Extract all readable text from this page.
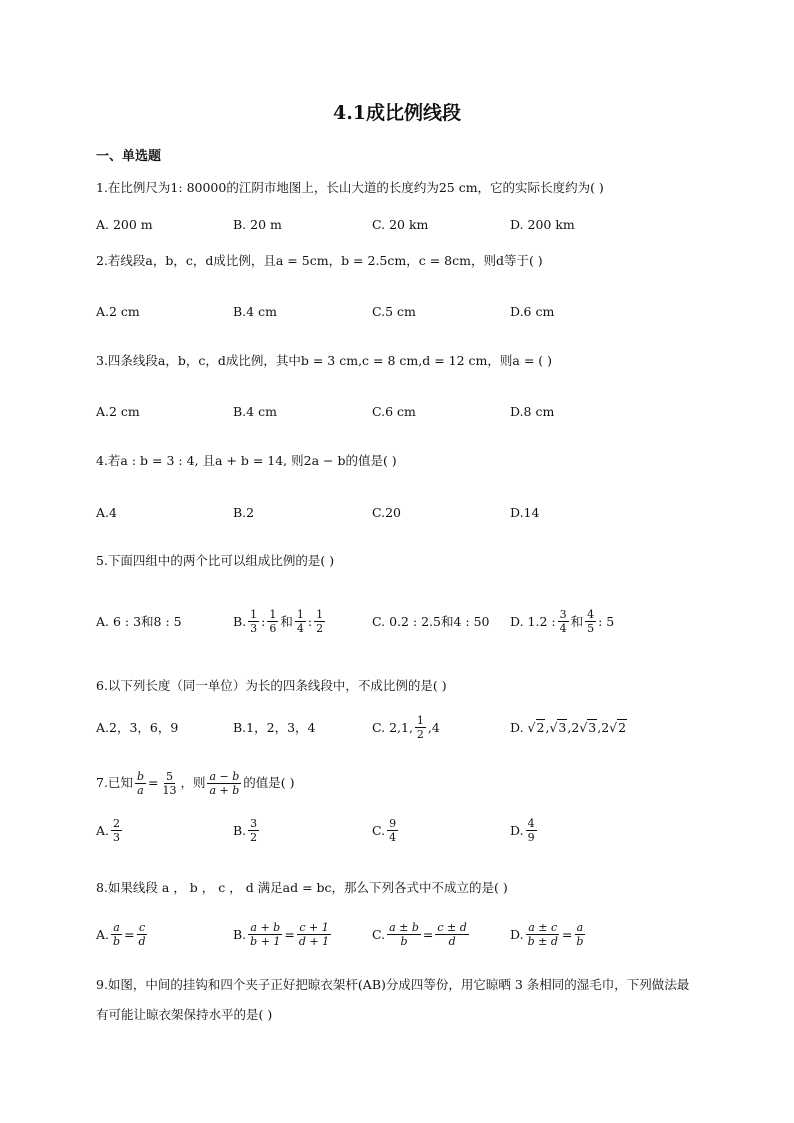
4.1成比例线段
一、单选题
1.在比例尺为1: 80000的江阴市地图上，长山大道的长度约为25 cm，它的实际长度约为( )
A. 200 m	B. 20 m	C. 20 km	D. 200 km
2.若线段a，b，c，d成比例，且a = 5cm，b = 2.5cm，c = 8cm，则d等于( )
A.2 cm	B.4 cm	C.5 cm	D.6 cm
3.四条线段a，b，c，d成比例，其中b = 3 cm,c = 8 cm,d = 12 cm，则a = ( )
A.2 cm	B.4 cm	C.6 cm	D.8 cm
4.若a : b = 3 : 4, 且a + b = 14, 则2a − b的值是( )
A.4	B.2	C.20	D.14
5.下面四组中的两个比可以组成比例的是( )
A. 6 : 3和8 : 5	B. $\frac{1}{3}$ : $\frac{1}{6}$ 和 $\frac{1}{4}$ : $\frac{1}{2}$	C. 0.2 : 2.5和4 : 50 D. 1.2 : $\frac{3}{4}$ 和 $\frac{4}{5}$ : 5
6.以下列长度（同一单位）为长的四条线段中，不成比例的是( )
A.2，3，6，9	B.1，2，3，4	C. 2,1, $\frac{1}{2} ,4$	D.
√2 , √3 , 2 √3 , 2 √2
7.已知 $\frac{b}{a} = \frac{5}{13}$ ，则 $\frac{a - b}{a + b}$ 的值是( )
A. $\frac{2}{3}$	B. $\frac{3}{2}$	C. $\frac{9}{4}$	D. $\frac{4}{9}$
8.如果线段 a ， b ， c ， d 满足ad = bc，那么下列各式中不成立的是( )
A. $\frac{a}{b} = \frac{c}{d}$	B. $\frac{a + b}{b + 1} = \frac{c + 1}{d + 1}$	C. $\frac{a \pm b}{b} = \frac{c \pm d}{d}$	D. $\frac{a \pm c}{b \pm d} = \frac{a}{b}$
9.如图，中间的挂钩和四个夹子正好把晾衣架杆(AB)分成四等份，用它晾晒 3 条相同的湿毛巾，下列做法最有可能让晾衣架保持水平的是( )
